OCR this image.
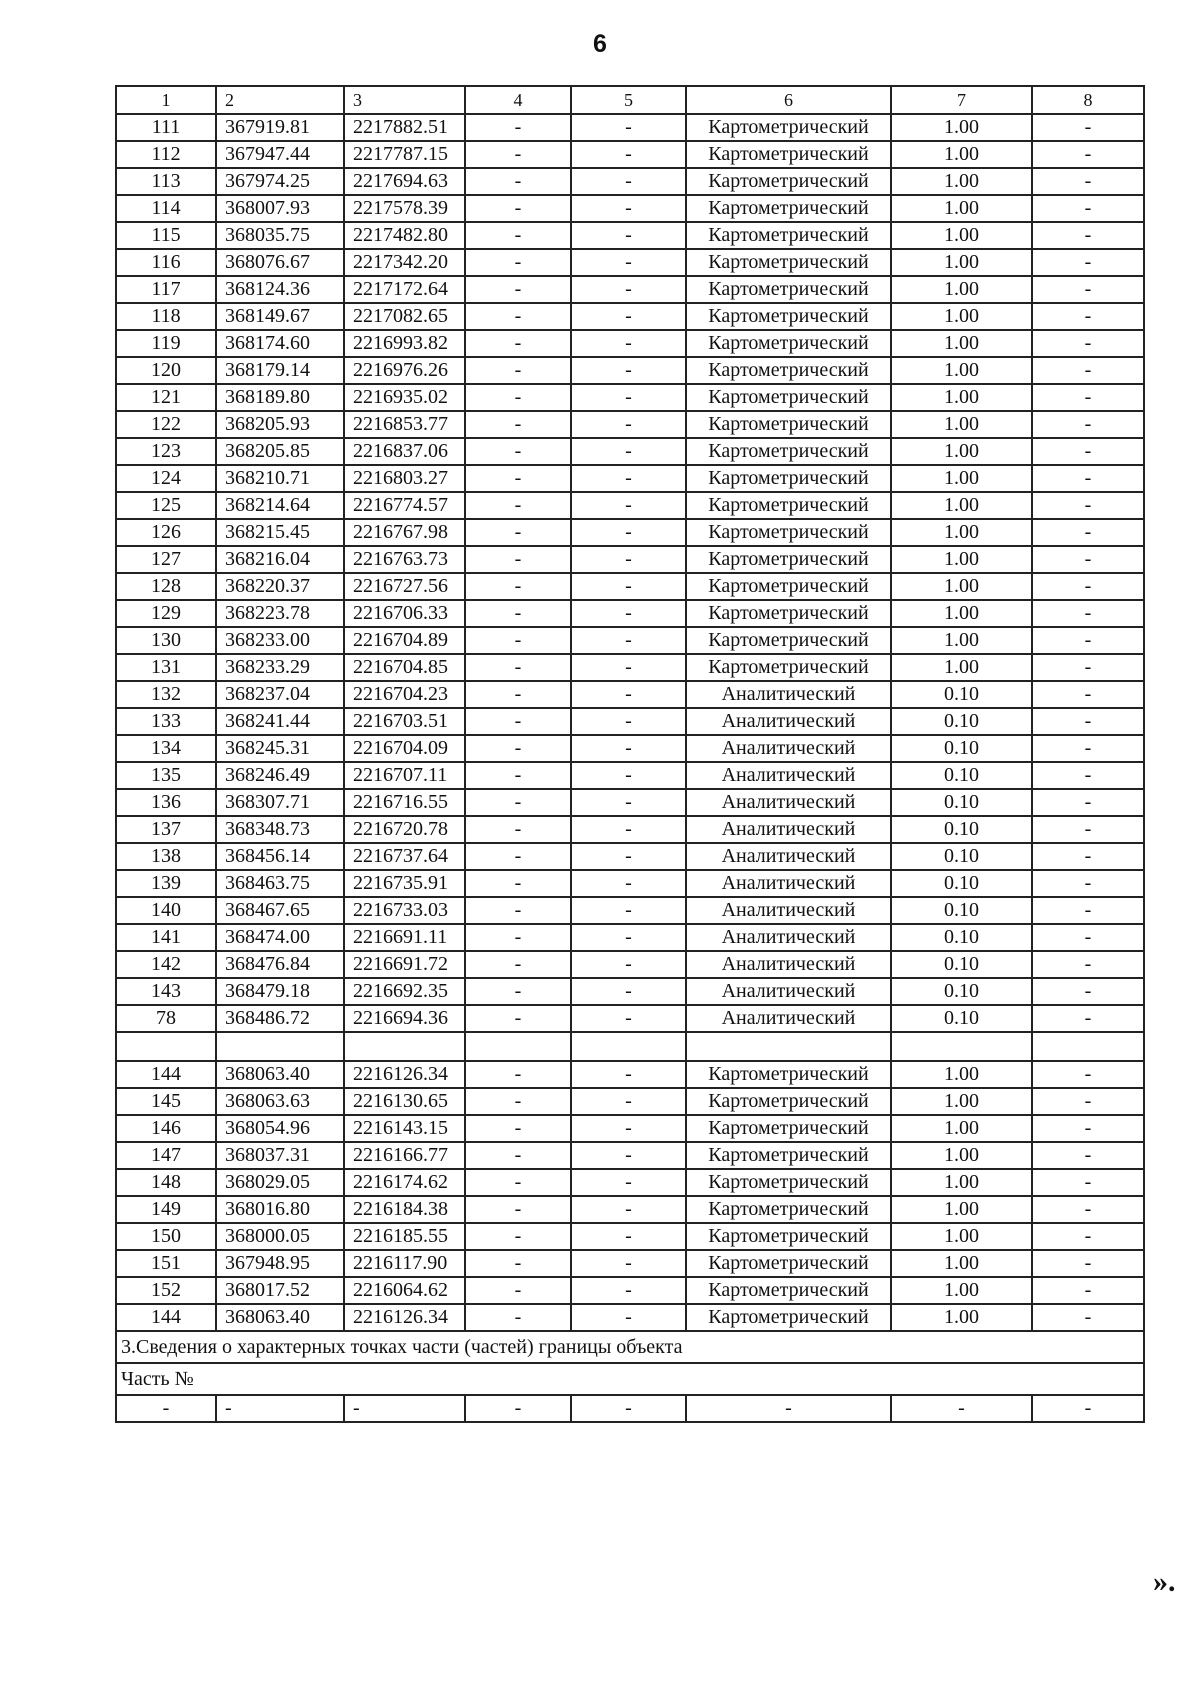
6
1	2	3	4	5	6	7	8
111	367919.81	2217882.51	-	-	Картометрический	1.00	-
112	367947.44	2217787.15	-	-	Картометрический	1.00	-
113	367974.25	2217694.63	-	-	Картометрический	1.00	-
114	368007.93	2217578.39	-	-	Картометрический	1.00	-
115	368035.75	2217482.80	-	-	Картометрический	1.00	-
116	368076.67	2217342.20	-	-	Картометрический	1.00	-
117	368124.36	2217172.64	-	-	Картометрический	1.00	-
118	368149.67	2217082.65	-	-	Картометрический	1.00	-
119	368174.60	2216993.82	-	-	Картометрический	1.00	-
120	368179.14	2216976.26	-	-	Картометрический	1.00	-
121	368189.80	2216935.02	-	-	Картометрический	1.00	-
122	368205.93	2216853.77	-	-	Картометрический	1.00	-
123	368205.85	2216837.06	-	-	Картометрический	1.00	-
124	368210.71	2216803.27	-	-	Картометрический	1.00	-
125	368214.64	2216774.57	-	-	Картометрический	1.00	-
126	368215.45	2216767.98	-	-	Картометрический	1.00	-
127	368216.04	2216763.73	-	-	Картометрический	1.00	-
128	368220.37	2216727.56	-	-	Картометрический	1.00	-
129	368223.78	2216706.33	-	-	Картометрический	1.00	-
130	368233.00	2216704.89	-	-	Картометрический	1.00	-
131	368233.29	2216704.85	-	-	Картометрический	1.00	-
132	368237.04	2216704.23	-	-	Аналитический	0.10	-
133	368241.44	2216703.51	-	-	Аналитический	0.10	-
134	368245.31	2216704.09	-	-	Аналитический	0.10	-
135	368246.49	2216707.11	-	-	Аналитический	0.10	-
136	368307.71	2216716.55	-	-	Аналитический	0.10	-
137	368348.73	2216720.78	-	-	Аналитический	0.10	-
138	368456.14	2216737.64	-	-	Аналитический	0.10	-
139	368463.75	2216735.91	-	-	Аналитический	0.10	-
140	368467.65	2216733.03	-	-	Аналитический	0.10	-
141	368474.00	2216691.11	-	-	Аналитический	0.10	-
142	368476.84	2216691.72	-	-	Аналитический	0.10	-
143	368479.18	2216692.35	-	-	Аналитический	0.10	-
78	368486.72	2216694.36	-	-	Аналитический	0.10	-

144	368063.40	2216126.34	-	-	Картометрический	1.00	-
145	368063.63	2216130.65	-	-	Картометрический	1.00	-
146	368054.96	2216143.15	-	-	Картометрический	1.00	-
147	368037.31	2216166.77	-	-	Картометрический	1.00	-
148	368029.05	2216174.62	-	-	Картометрический	1.00	-
149	368016.80	2216184.38	-	-	Картометрический	1.00	-
150	368000.05	2216185.55	-	-	Картометрический	1.00	-
151	367948.95	2216117.90	-	-	Картометрический	1.00	-
152	368017.52	2216064.62	-	-	Картометрический	1.00	-
144	368063.40	2216126.34	-	-	Картометрический	1.00	-
3.Сведения о характерных точках части (частей) границы объекта							
Часть №							
-	-	-	-	-	-	-	-
».
